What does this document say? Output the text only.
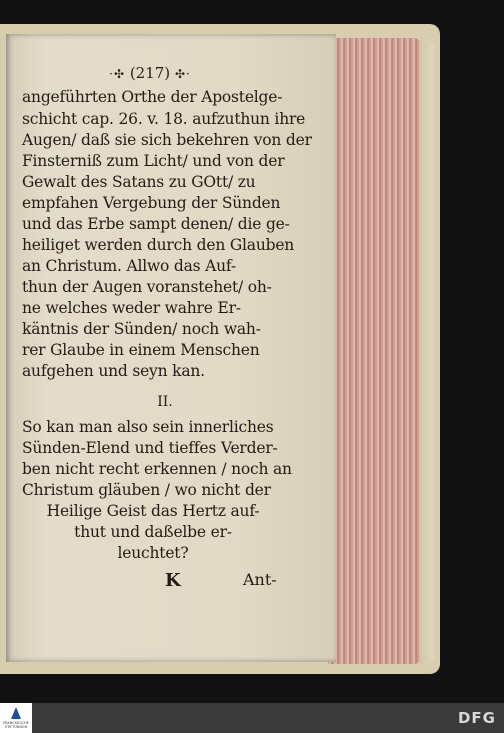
·✣ (217) ✣·
angeführten Orthe der Apostelge-
schicht cap. 26. v. 18. aufzuthun ihre
Augen/ daß sie sich bekehren von der
Finsterniß zum Licht/ und von der
Gewalt des Satans zu GOtt/ zu
empfahen Vergebung der Sünden
und das Erbe sampt denen/ die ge-
heiliget werden durch den Glauben
an Christum. Allwo das Auf-
thun der Augen voranstehet/ oh-
ne welches weder wahre Er-
käntnis der Sünden/ noch wah-
rer Glaube in einem Menschen
aufgehen und seyn kan.
II.
So kan man also sein innerliches
Sünden-Elend und tieffes Verder-
ben nicht recht erkennen / noch an
Christum gläuben / wo nicht der
Heilige Geist das Hertz auf-
thut und daßelbe er-
leuchtet?
K	Ant-
FRANCKESCHE STIFTUNGEN	DFG
